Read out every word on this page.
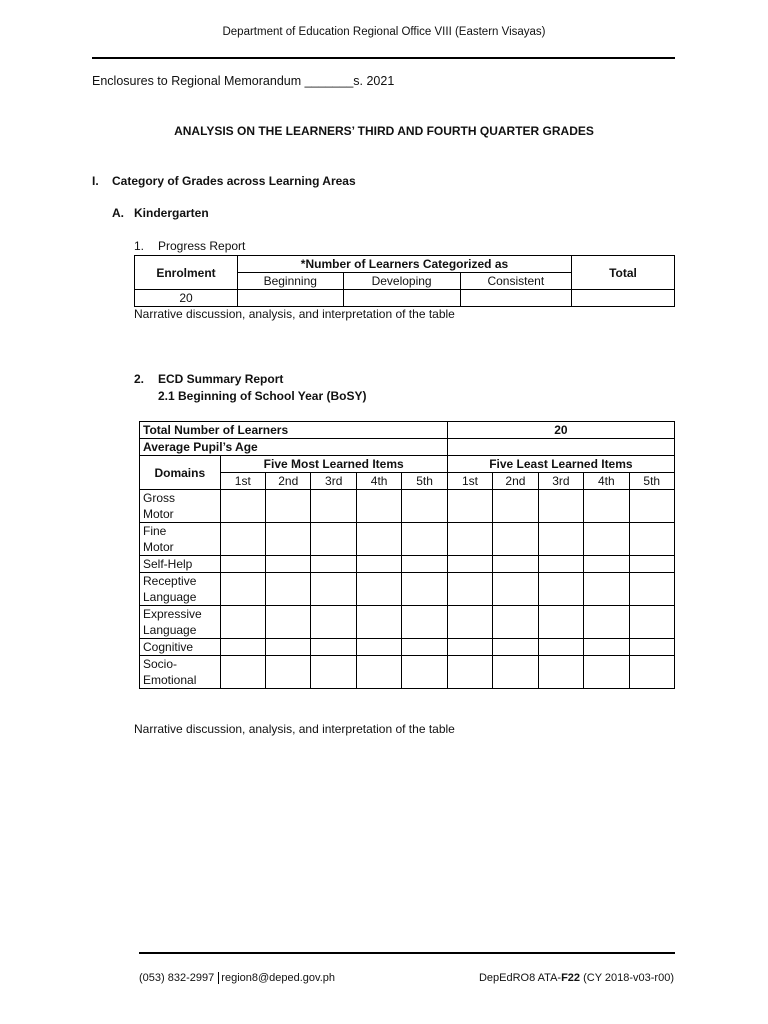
Department of Education Regional Office VIII (Eastern Visayas)
Enclosures to Regional Memorandum _______s. 2021
ANALYSIS ON THE LEARNERS’ THIRD AND FOURTH QUARTER GRADES
I. Category of Grades across Learning Areas
A. Kindergarten
1. Progress Report
Enrolment	*Number of Learners Categorized as			Total
	Beginning	Developing	Consistent	
20				
Narrative discussion, analysis, and interpretation of the table
2. ECD Summary Report
2.1 Beginning of School Year (BoSY)
Total Number of Learners						20				
Average Pupil’s Age										
Domains	Five Most Learned Items					Five Least Learned Items				
	1st	2nd	3rd	4th	5th	1st	2nd	3rd	4th	5th

Gross
Motor										

Fine
Motor										

Self-Help										

Receptive
Language										

Expressive
Language										

Cognitive										

Socio-
Emotional										

Narrative discussion, analysis, and interpretation of the table
(053) 832-2997 region8@deped.gov.ph	DepEdRO8 ATA-F22 (CY 2018-v03-r00)
